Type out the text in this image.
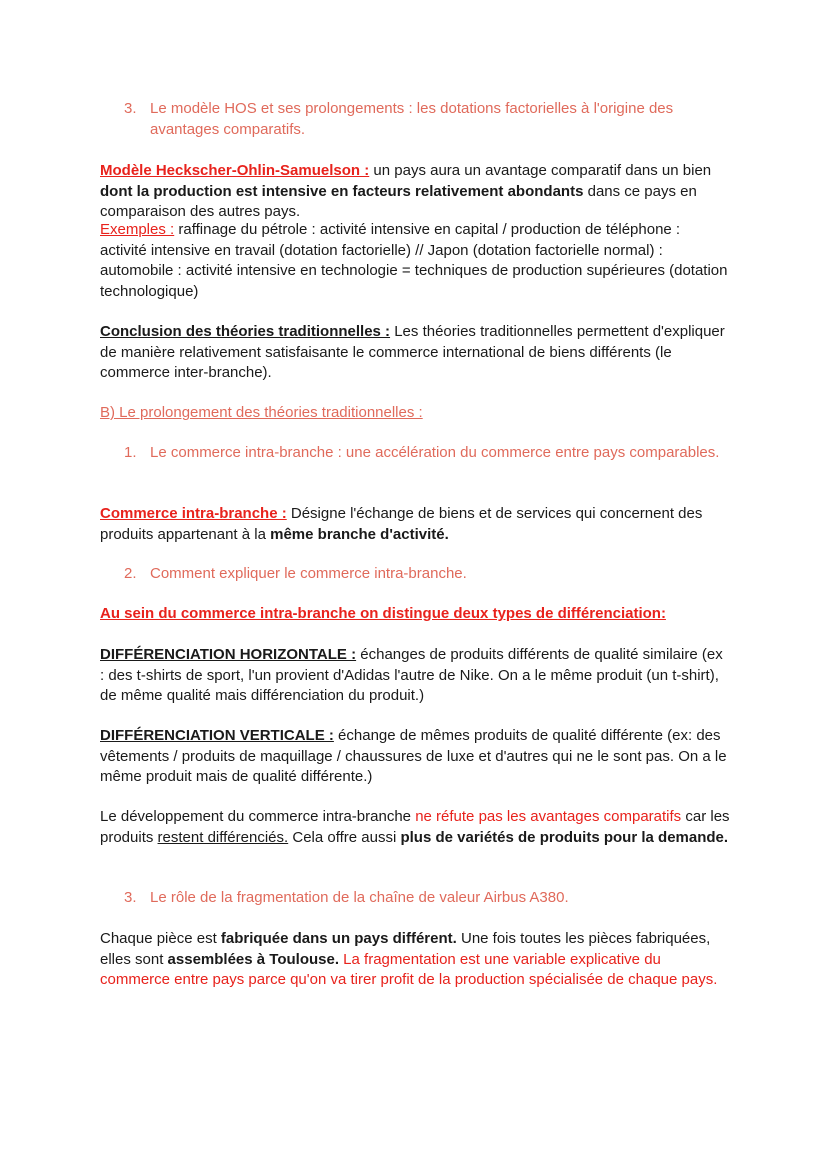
3. Le modèle HOS et ses prolongements : les dotations factorielles à l'origine des avantages comparatifs.

Modèle Heckscher-Ohlin-Samuelson : un pays aura un avantage comparatif dans un bien dont la production est intensive en facteurs relativement abondants dans ce pays en comparaison des autres pays.

Exemples : raffinage du pétrole : activité intensive en capital / production de téléphone : activité intensive en travail (dotation factorielle) // Japon (dotation factorielle normal) : automobile : activité intensive en technologie = techniques de production supérieures (dotation technologique)

Conclusion des théories traditionnelles : Les théories traditionnelles permettent d'expliquer de manière relativement satisfaisante le commerce international de biens différents (le commerce inter-branche).

B) Le prolongement des théories traditionnelles :

1. Le commerce intra-branche : une accélération du commerce entre pays comparables.

Commerce intra-branche : Désigne l'échange de biens et de services qui concernent des produits appartenant à la même branche d'activité.

2. Comment expliquer le commerce intra-branche.

Au sein du commerce intra-branche on distingue deux types de différenciation:

DIFFÉRENCIATION HORIZONTALE : échanges de produits différents de qualité similaire (ex : des t-shirts de sport, l'un provient d'Adidas l'autre de Nike. On a le même produit (un t-shirt), de même qualité mais différenciation du produit.)

DIFFÉRENCIATION VERTICALE : échange de mêmes produits de qualité différente (ex: des vêtements / produits de maquillage / chaussures de luxe et d'autres qui ne le sont pas. On a le même produit mais de qualité différente.)

Le développement du commerce intra-branche ne réfute pas les avantages comparatifs car les produits restent différenciés. Cela offre aussi plus de variétés de produits pour la demande.

3. Le rôle de la fragmentation de la chaîne de valeur Airbus A380.

Chaque pièce est fabriquée dans un pays différent. Une fois toutes les pièces fabriquées, elles sont assemblées à Toulouse. La fragmentation est une variable explicative du commerce entre pays parce qu'on va tirer profit de la production spécialisée de chaque pays.
